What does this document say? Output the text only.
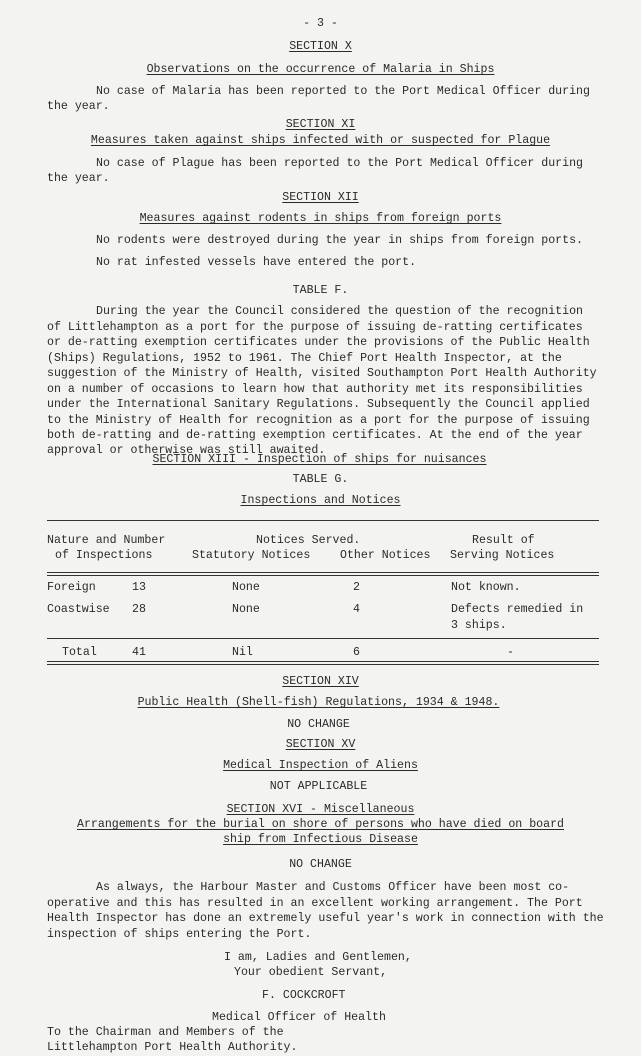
- 3 -
SECTION X
Observations on the occurrence of Malaria in Ships
No case of Malaria has been reported to the Port Medical Officer during
the year.
SECTION XI
Measures taken against ships infected with or suspected for Plague
No case of Plague has been reported to the Port Medical Officer during
the year.
SECTION XII
Measures against rodents in ships from foreign ports
No rodents were destroyed during the year in ships from foreign ports.
No rat infested vessels have entered the port.
TABLE F.
During the year the Council considered the question of the recognition
of Littlehampton as a port for the purpose of issuing de-ratting certificates
or de-ratting exemption certificates under the provisions of the Public Health
(Ships) Regulations, 1952 to 1961. The Chief Port Health Inspector, at the
suggestion of the Ministry of Health, visited Southampton Port Health Authority
on a number of occasions to learn how that authority met its responsibilities
under the International Sanitary Regulations. Subsequently the Council applied
to the Ministry of Health for recognition as a port for the purpose of issuing
both de-ratting and de-ratting exemption certificates. At the end of the year
approval or otherwise was still awaited.
SECTION XIII - Inspection of ships for nuisances
TABLE G.
Inspections and Notices
Nature and Number
of Inspections
Notices Served.
Statutory Notices	Other Notices
Result of
Serving Notices
Foreign	13	None	2	Not known.
Coastwise 28	None	4	Defects remedied in
3 ships.
Total	41	Nil	6	-
SECTION XIV
Public Health (Shell-fish) Regulations, 1934 & 1948.
NO CHANGE
SECTION XV
Medical Inspection of Aliens
NOT APPLICABLE
SECTION XVI - Miscellaneous
Arrangements for the burial on shore of persons who have died on board
ship from Infectious Disease
NO CHANGE
As always, the Harbour Master and Customs Officer have been most co-
operative and this has resulted in an excellent working arrangement. The Port
Health Inspector has done an extremely useful year's work in connection with the
inspection of ships entering the Port.
I am, Ladies and Gentlemen,
Your obedient Servant,
F. COCKCROFT
Medical Officer of Health
To the Chairman and Members of the
Littlehampton Port Health Authority.
